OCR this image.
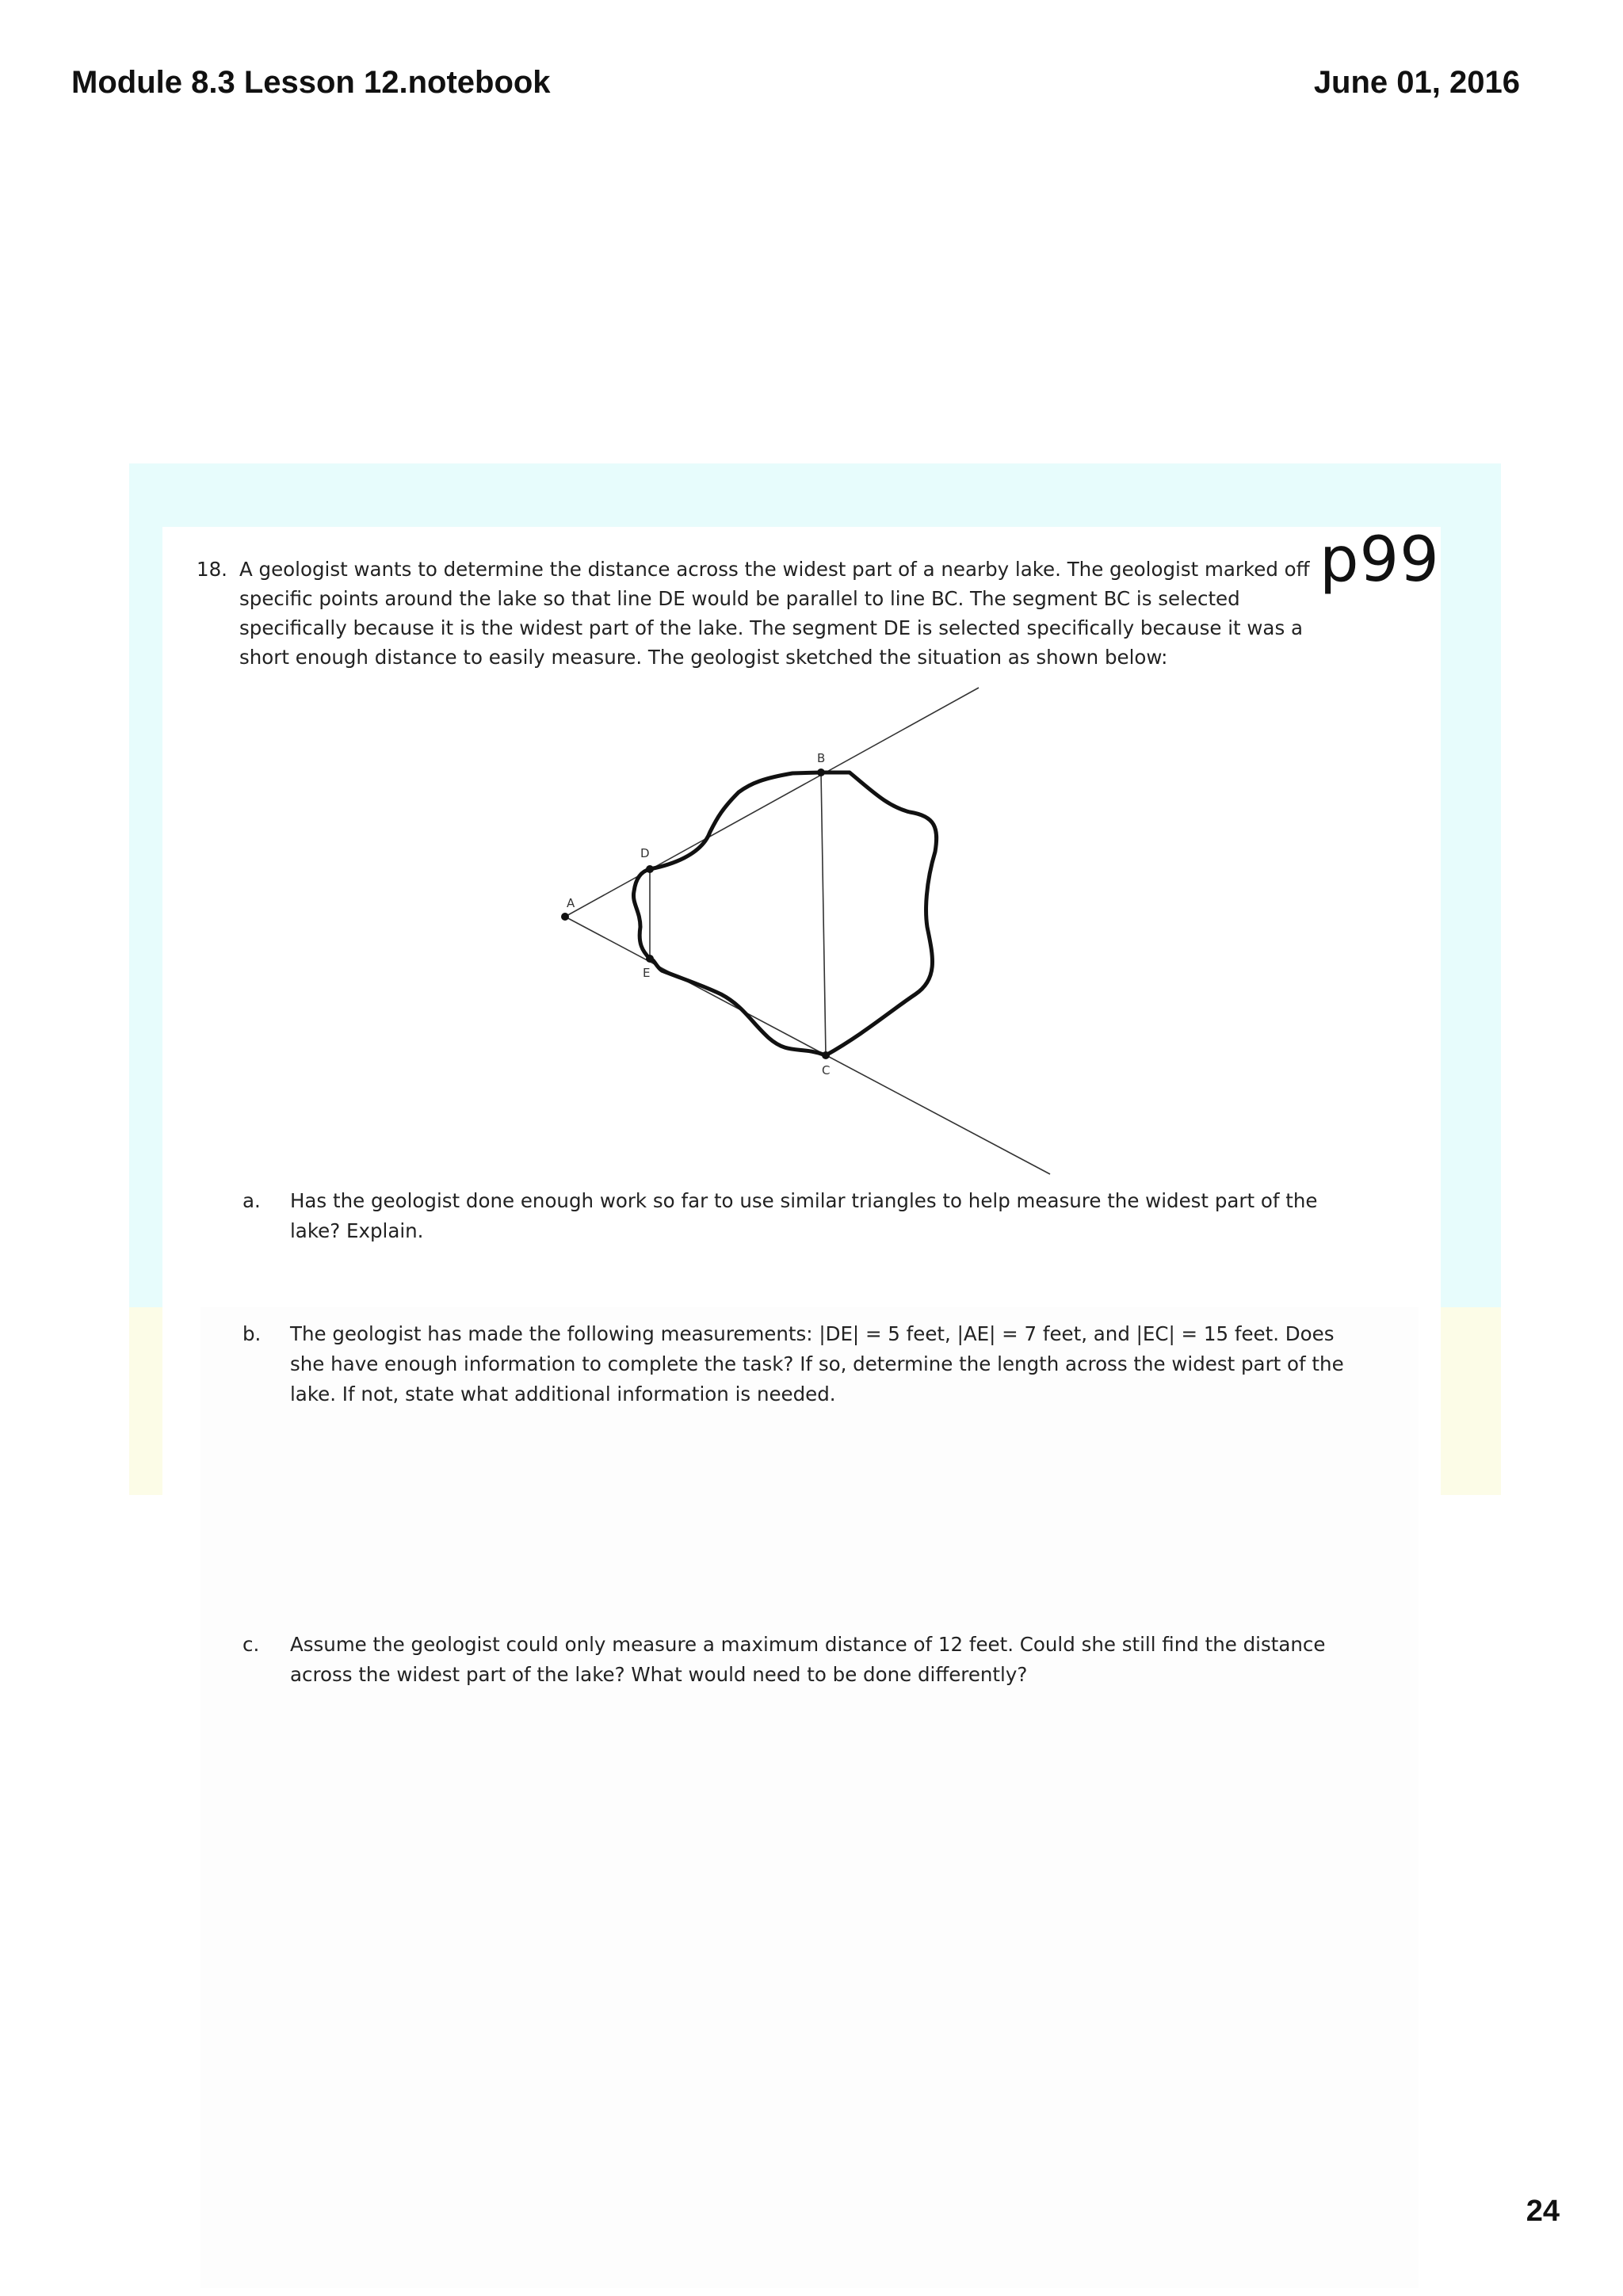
Module 8.3 Lesson 12.notebook	June 01, 2016
p99
18. A geologist wants to determine the distance across the widest part of a nearby lake. The geologist marked off specific points around the lake so that line DE would be parallel to line BC. The segment BC is selected specifically because it is the widest part of the lake. The segment DE is selected specifically because it was a short enough distance to easily measure. The geologist sketched the situation as shown below:
A
B
C
D
E
a. Has the geologist done enough work so far to use similar triangles to help measure the widest part of the lake? Explain.
b. The geologist has made the following measurements: |DE| = 5 feet, |AE| = 7 feet, and |EC| = 15 feet. Does she have enough information to complete the task? If so, determine the length across the widest part of the lake. If not, state what additional information is needed.
c. Assume the geologist could only measure a maximum distance of 12 feet. Could she still find the distance across the widest part of the lake? What would need to be done differently?
24
